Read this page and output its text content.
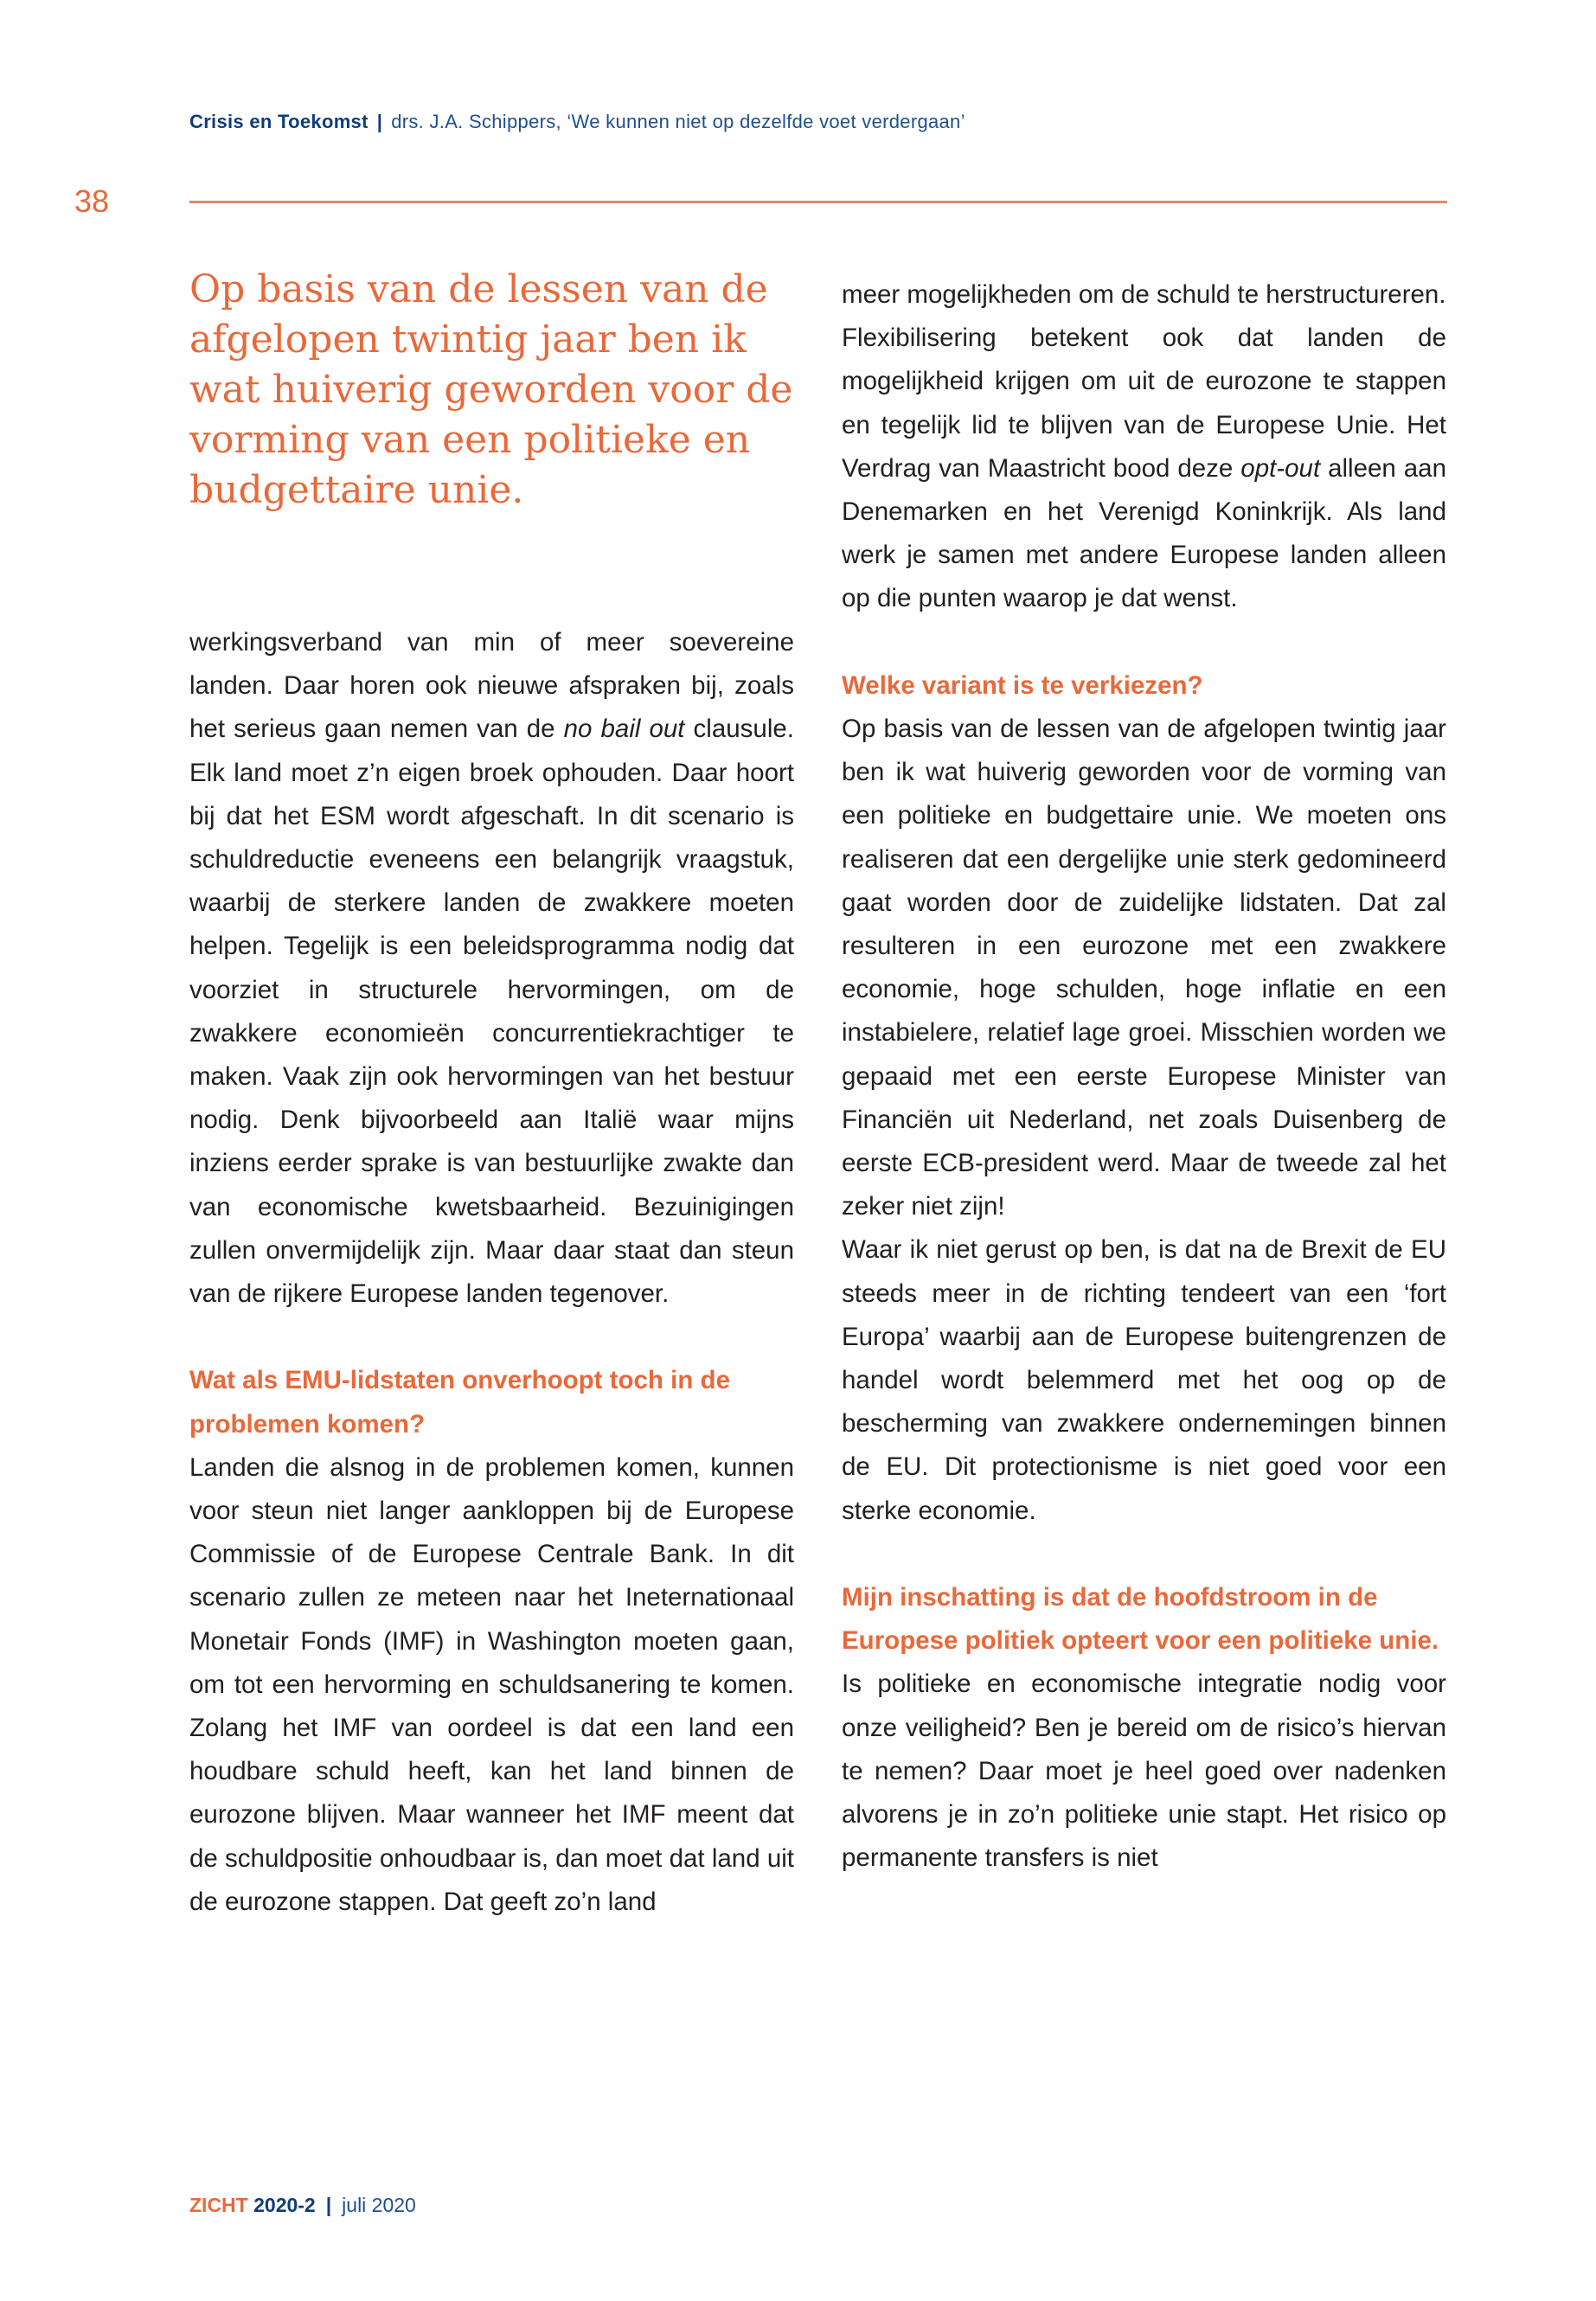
Crisis en Toekomst | drs. J.A. Schippers, ‘We kunnen niet op dezelfde voet verdergaan’
38
Op basis van de lessen van de afgelopen twintig jaar ben ik wat huiverig geworden voor de vorming van een politieke en budgettaire unie.

werkingsverband van min of meer soevereine landen. Daar horen ook nieuwe afspraken bij, zoals het serieus gaan nemen van de no bail out clausule. Elk land moet z’n eigen broek ophouden. Daar hoort bij dat het ESM wordt afgeschaft. In dit scenario is schuldreductie eveneens een belangrijk vraagstuk, waarbij de sterkere landen de zwakkere moeten helpen. Tegelijk is een beleidsprogramma nodig dat voorziet in structurele hervormingen, om de zwakkere economieën concurrentiekrachtiger te maken. Vaak zijn ook hervormingen van het bestuur nodig. Denk bijvoorbeeld aan Italië waar mijns inziens eerder sprake is van bestuurlijke zwakte dan van economische kwetsbaarheid. Bezuinigingen zullen onvermijdelijk zijn. Maar daar staat dan steun van de rijkere Europese landen tegenover.

Wat als EMU-lidstaten onverhoopt toch in de problemen komen?

Landen die alsnog in de problemen komen, kunnen voor steun niet langer aankloppen bij de Europese Commissie of de Europese Centrale Bank. In dit scenario zullen ze meteen naar het Ineternationaal Monetair Fonds (IMF) in Washington moeten gaan, om tot een hervorming en schuldsanering te komen. Zolang het IMF van oordeel is dat een land een houdbare schuld heeft, kan het land binnen de eurozone blijven. Maar wanneer het IMF meent dat de schuldpositie onhoudbaar is, dan moet dat land uit de eurozone stappen. Dat geeft zo’n land

meer mogelijkheden om de schuld te herstructureren.

Flexibilisering betekent ook dat landen de mogelijkheid krijgen om uit de eurozone te stappen en tegelijk lid te blijven van de Europese Unie. Het Verdrag van Maastricht bood deze opt-out alleen aan Denemarken en het Verenigd Koninkrijk. Als land werk je samen met andere Europese landen alleen op die punten waarop je dat wenst.

Welke variant is te verkiezen?

Op basis van de lessen van de afgelopen twintig jaar ben ik wat huiverig geworden voor de vorming van een politieke en budgettaire unie. We moeten ons realiseren dat een dergelijke unie sterk gedomineerd gaat worden door de zuidelijke lidstaten. Dat zal resulteren in een eurozone met een zwakkere economie, hoge schulden, hoge inflatie en een instabielere, relatief lage groei. Misschien worden we gepaaid met een eerste Europese Minister van Financiën uit Nederland, net zoals Duisenberg de eerste ECB-president werd. Maar de tweede zal het zeker niet zijn!

Waar ik niet gerust op ben, is dat na de Brexit de EU steeds meer in de richting tendeert van een ‘fort Europa’ waarbij aan de Europese buitengrenzen de handel wordt belemmerd met het oog op de bescherming van zwakkere ondernemingen binnen de EU. Dit protectionisme is niet goed voor een sterke economie.

Mijn inschatting is dat de hoofdstroom in de Europese politiek opteert voor een politieke unie.

Is politieke en economische integratie nodig voor onze veiligheid? Ben je bereid om de risico’s hiervan te nemen? Daar moet je heel goed over nadenken alvorens je in zo’n politieke unie stapt. Het risico op permanente transfers is niet

ZICHT 2020-2 | juli 2020
